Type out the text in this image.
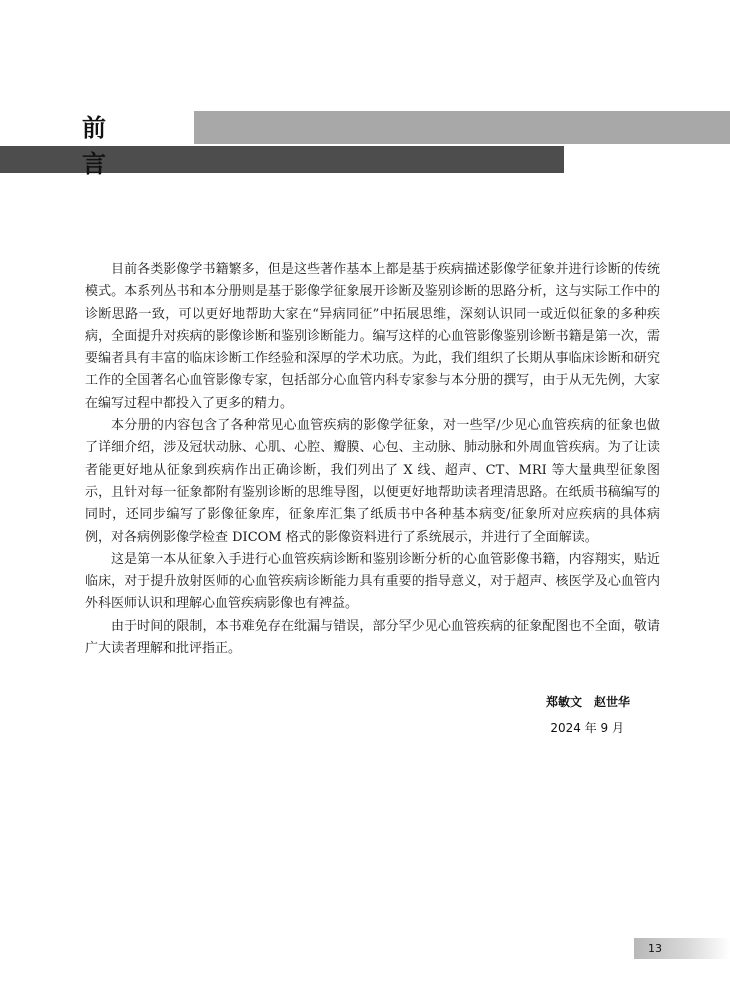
前言

目前各类影像学书籍繁多，但是这些著作基本上都是基于疾病描述影像学征象并进行诊断的传统模式。本系列丛书和本分册则是基于影像学征象展开诊断及鉴别诊断的思路分析，这与实际工作中的诊断思路一致，可以更好地帮助大家在“异病同征”中拓展思维，深刻认识同一或近似征象的多种疾病，全面提升对疾病的影像诊断和鉴别诊断能力。编写这样的心血管影像鉴别诊断书籍是第一次，需要编者具有丰富的临床诊断工作经验和深厚的学术功底。为此，我们组织了长期从事临床诊断和研究工作的全国著名心血管影像专家，包括部分心血管内科专家参与本分册的撰写，由于从无先例，大家在编写过程中都投入了更多的精力。

本分册的内容包含了各种常见心血管疾病的影像学征象，对一些罕/少见心血管疾病的征象也做了详细介绍，涉及冠状动脉、心肌、心腔、瓣膜、心包、主动脉、肺动脉和外周血管疾病。为了让读者能更好地从征象到疾病作出正确诊断，我们列出了 X 线、超声、CT、MRI 等大量典型征象图示，且针对每一征象都附有鉴别诊断的思维导图，以便更好地帮助读者理清思路。在纸质书稿编写的同时，还同步编写了影像征象库，征象库汇集了纸质书中各种基本病变/征象所对应疾病的具体病例，对各病例影像学检查 DICOM 格式的影像资料进行了系统展示，并进行了全面解读。

这是第一本从征象入手进行心血管疾病诊断和鉴别诊断分析的心血管影像书籍，内容翔实，贴近临床，对于提升放射医师的心血管疾病诊断能力具有重要的指导意义，对于超声、核医学及心血管内外科医师认识和理解心血管疾病影像也有裨益。

由于时间的限制，本书难免存在纰漏与错误，部分罕少见心血管疾病的征象配图也不全面，敬请广大读者理解和批评指正。

郑敏文　赵世华
2024 年 9 月
13
